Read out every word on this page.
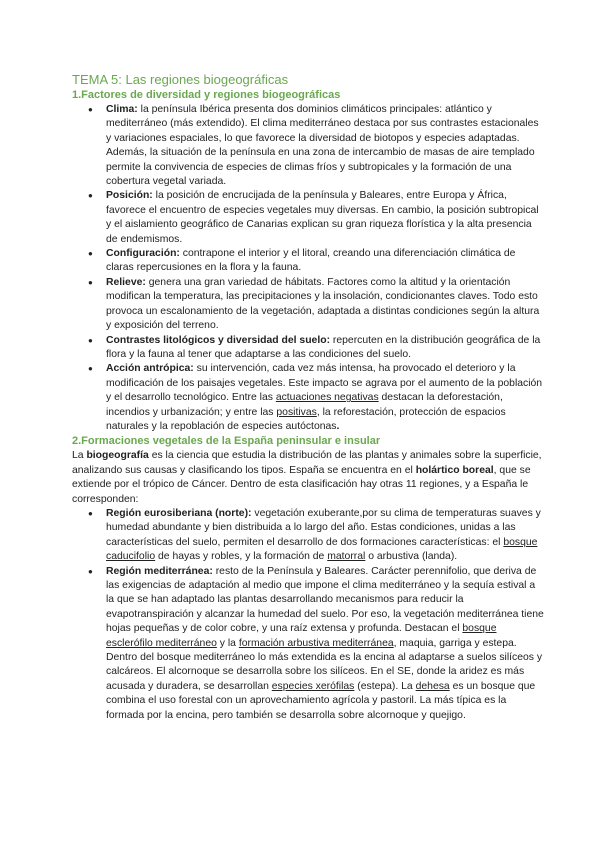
TEMA 5: Las regiones biogeográficas
1.Factores de diversidad y regiones biogeográficas
● Clima: la península Ibérica presenta dos dominios climáticos principales: atlántico y mediterráneo (más extendido). El clima mediterráneo destaca por sus contrastes estacionales y variaciones espaciales, lo que favorece la diversidad de biotopos y especies adaptadas. Además, la situación de la península en una zona de intercambio de masas de aire templado permite la convivencia de especies de climas fríos y subtropicales y la formación de una cobertura vegetal variada.
● Posición: la posición de encrucijada de la península y Baleares, entre Europa y África, favorece el encuentro de especies vegetales muy diversas. En cambio, la posición subtropical y el aislamiento geográfico de Canarias explican su gran riqueza florística y la alta presencia de endemismos.
● Configuración: contrapone el interior y el litoral, creando una diferenciación climática de claras repercusiones en la flora y la fauna.
● Relieve: genera una gran variedad de hábitats. Factores como la altitud y la orientación modifican la temperatura, las precipitaciones y la insolación, condicionantes claves. Todo esto provoca un escalonamiento de la vegetación, adaptada a distintas condiciones según la altura y exposición del terreno.
● Contrastes litológicos y diversidad del suelo: repercuten en la distribución geográfica de la flora y la fauna al tener que adaptarse a las condiciones del suelo.
● Acción antrópica: su intervención, cada vez más intensa, ha provocado el deterioro y la modificación de los paisajes vegetales. Este impacto se agrava por el aumento de la población y el desarrollo tecnológico. Entre las actuaciones negativas destacan la deforestación, incendios y urbanización; y entre las positivas, la reforestación, protección de espacios naturales y la repoblación de especies autóctonas.
2.Formaciones vegetales de la España peninsular e insular

La biogeografía es la ciencia que estudia la distribución de las plantas y animales sobre la superficie, analizando sus causas y clasificando los tipos. España se encuentra en el holártico boreal, que se extiende por el trópico de Cáncer. Dentro de esta clasificación hay otras 11 regiones, y a España le corresponden:

● Región eurosiberiana (norte): vegetación exuberante,por su clima de temperaturas suaves y humedad abundante y bien distribuida a lo largo del año. Estas condiciones, unidas a las características del suelo, permiten el desarrollo de dos formaciones características: el bosque caducifolio de hayas y robles, y la formación de matorral o arbustiva (landa).
● Región mediterránea: resto de la Península y Baleares. Carácter perennifolio, que deriva de las exigencias de adaptación al medio que impone el clima mediterráneo y la sequía estival a la que se han adaptado las plantas desarrollando mecanismos para reducir la evapotranspiración y alcanzar la humedad del suelo. Por eso, la vegetación mediterránea tiene hojas pequeñas y de color cobre, y una raíz extensa y profunda. Destacan el bosque esclerófilo mediterráneo y la formación arbustiva mediterránea, maquia, garriga y estepa. Dentro del bosque mediterráneo lo más extendida es la encina al adaptarse a suelos silíceos y calcáreos. El alcornoque se desarrolla sobre los silíceos. En el SE, donde la aridez es más acusada y duradera, se desarrollan especies xerófilas (estepa). La dehesa es un bosque que combina el uso forestal con un aprovechamiento agrícola y pastoril. La más típica es la formada por la encina, pero también se desarrolla sobre alcornoque y quejigo.
